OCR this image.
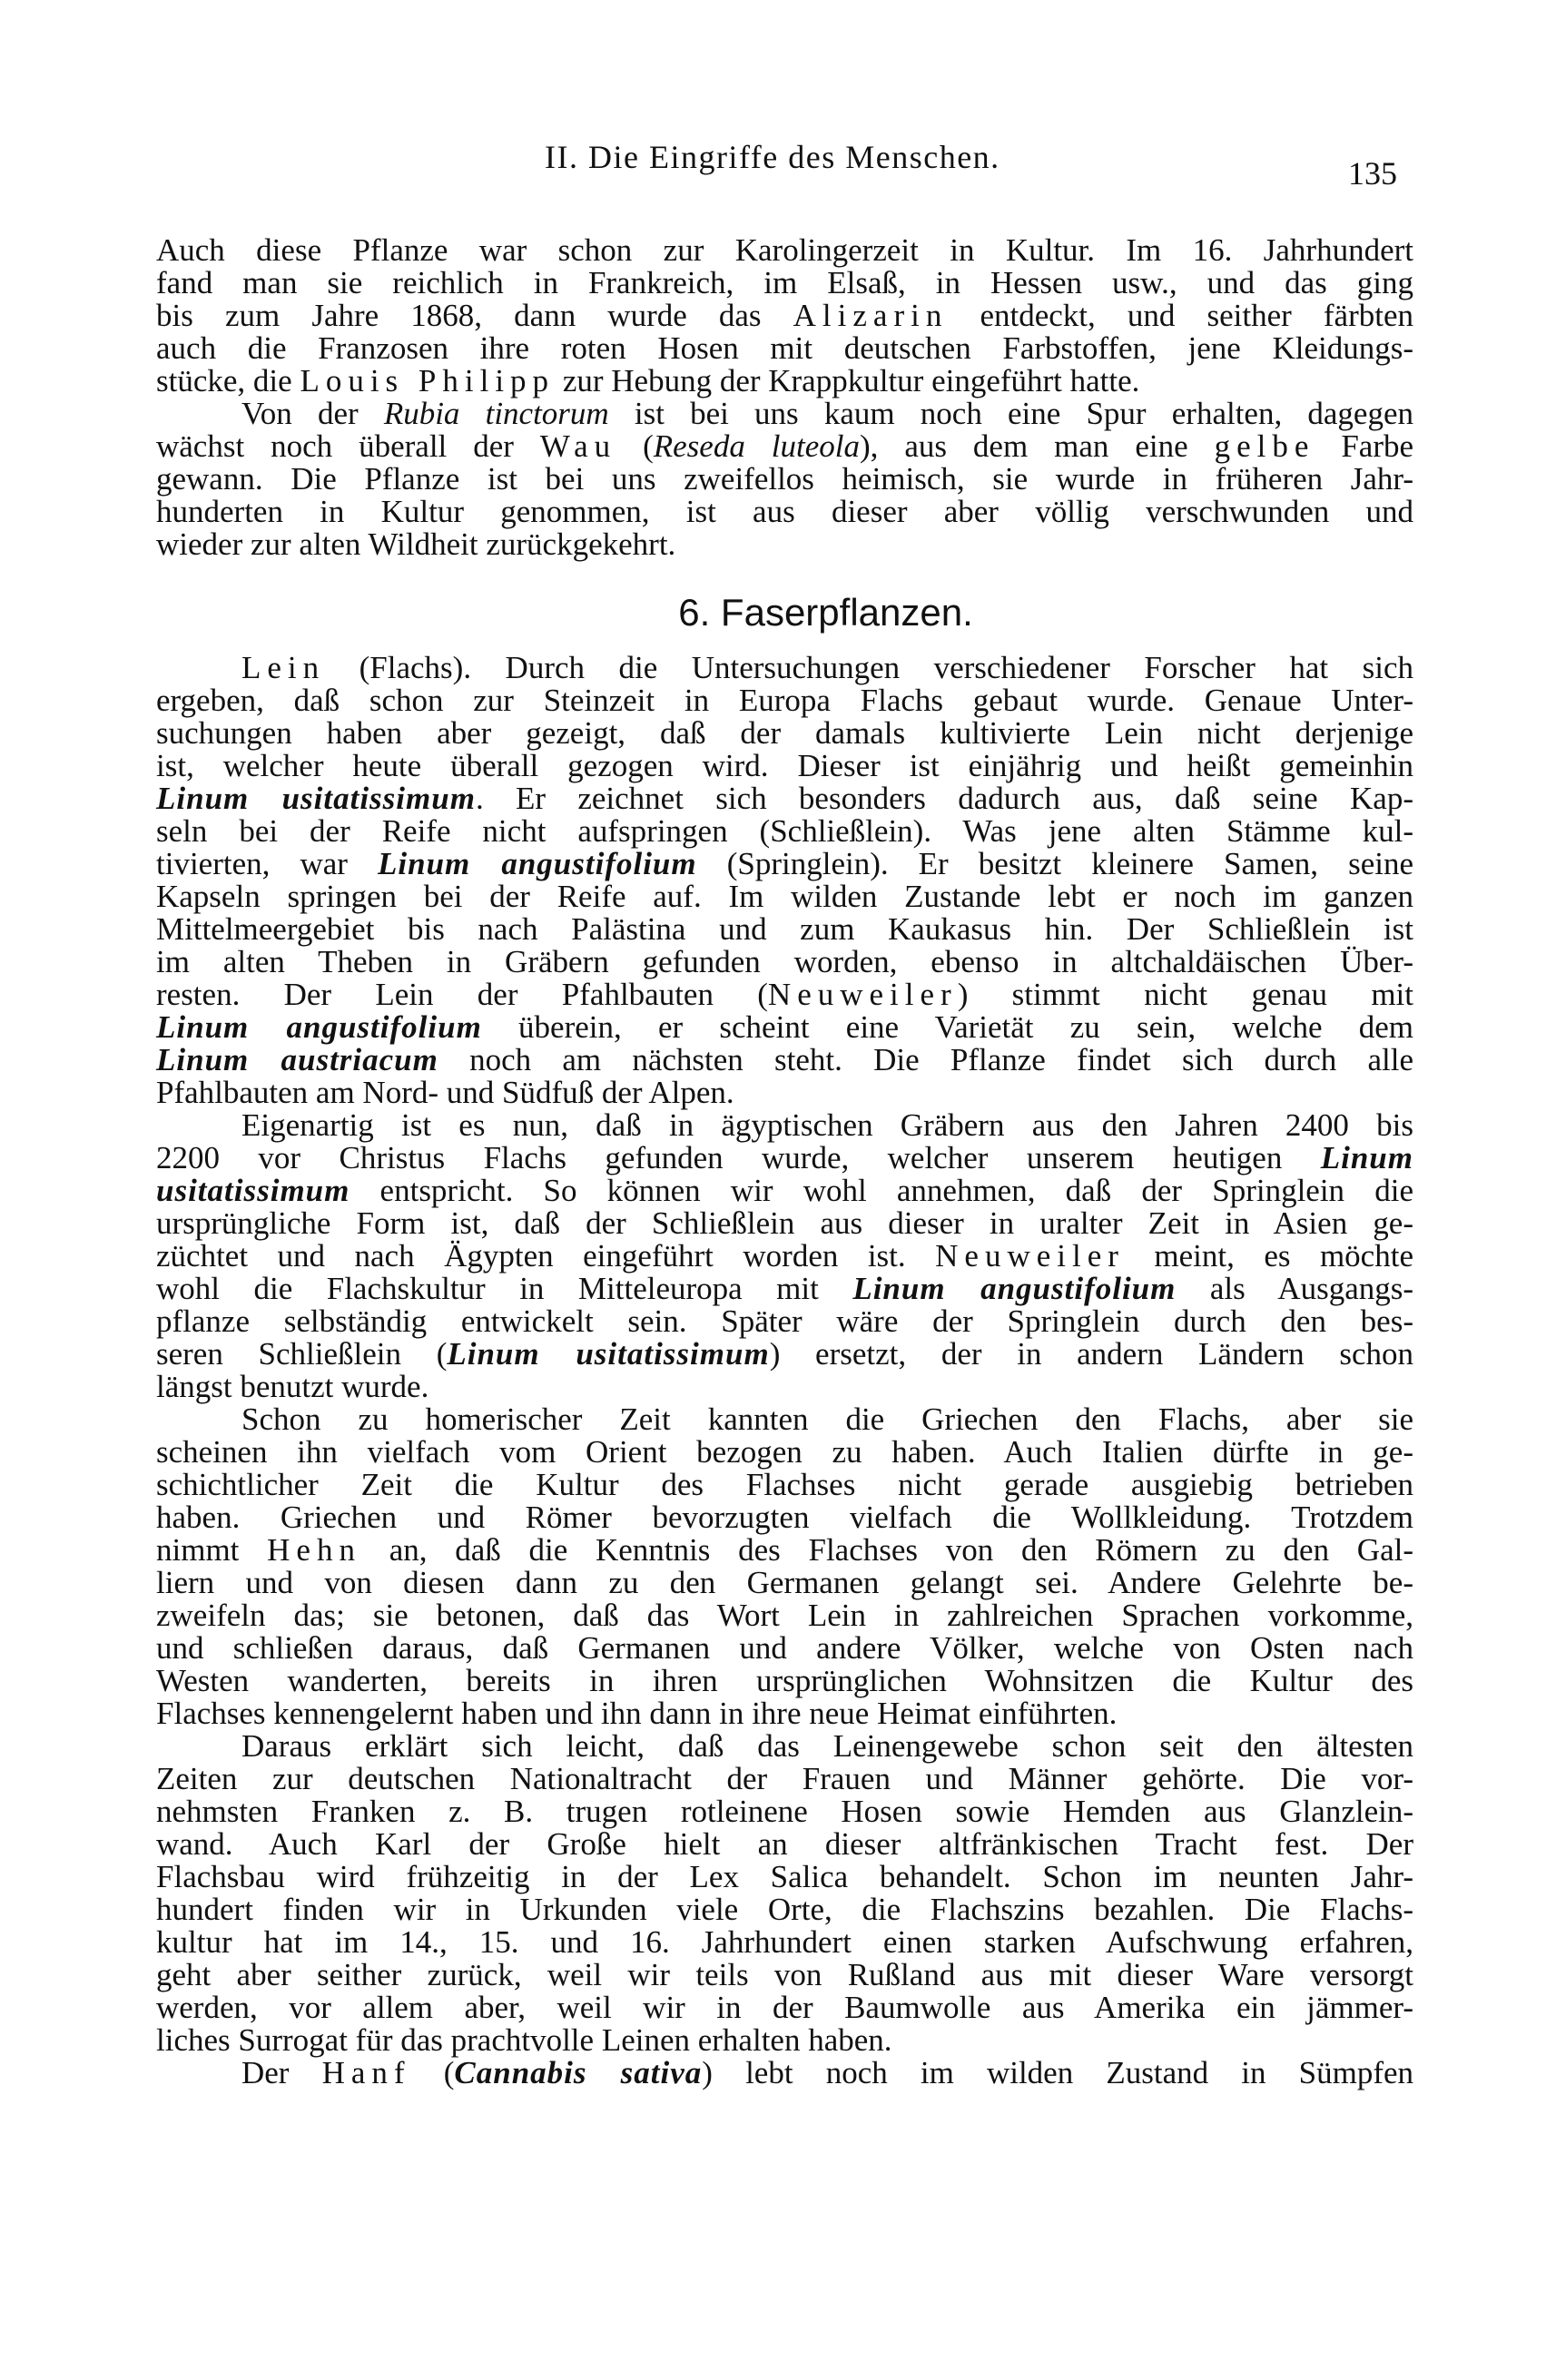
II. Die Eingriffe des Menschen.	135
Auch diese Pflanze war schon zur Karolingerzeit in Kultur. Im 16. Jahrhundert
fand man sie reichlich in Frankreich, im Elsaß, in Hessen usw., und das ging
bis zum Jahre 1868, dann wurde das Alizarin entdeckt, und seither färbten
auch die Franzosen ihre roten Hosen mit deutschen Farbstoffen, jene Kleidungs-
stücke, die Louis Philipp zur Hebung der Krappkultur eingeführt hatte.
Von der Rubia tinctorum ist bei uns kaum noch eine Spur erhalten, dagegen
wächst noch überall der Wau (Reseda luteola), aus dem man eine gelbe Farbe
gewann. Die Pflanze ist bei uns zweifellos heimisch, sie wurde in früheren Jahr-
hunderten in Kultur genommen, ist aus dieser aber völlig verschwunden und
wieder zur alten Wildheit zurückgekehrt.
6. Faserpflanzen.
Lein (Flachs). Durch die Untersuchungen verschiedener Forscher hat sich
ergeben, daß schon zur Steinzeit in Europa Flachs gebaut wurde. Genaue Unter-
suchungen haben aber gezeigt, daß der damals kultivierte Lein nicht derjenige
ist, welcher heute überall gezogen wird. Dieser ist einjährig und heißt gemeinhin
Linum usitatissimum. Er zeichnet sich besonders dadurch aus, daß seine Kap-
seln bei der Reife nicht aufspringen (Schließlein). Was jene alten Stämme kul-
tivierten, war Linum angustifolium (Springlein). Er besitzt kleinere Samen, seine
Kapseln springen bei der Reife auf. Im wilden Zustande lebt er noch im ganzen
Mittelmeergebiet bis nach Palästina und zum Kaukasus hin. Der Schließlein ist
im alten Theben in Gräbern gefunden worden, ebenso in altchaldäischen Über-
resten. Der Lein der Pfahlbauten (Neuweiler) stimmt nicht genau mit
Linum angustifolium überein, er scheint eine Varietät zu sein, welche dem
Linum austriacum noch am nächsten steht. Die Pflanze findet sich durch alle
Pfahlbauten am Nord- und Südfuß der Alpen.
Eigenartig ist es nun, daß in ägyptischen Gräbern aus den Jahren 2400 bis
2200 vor Christus Flachs gefunden wurde, welcher unserem heutigen Linum
usitatissimum entspricht. So können wir wohl annehmen, daß der Springlein die
ursprüngliche Form ist, daß der Schließlein aus dieser in uralter Zeit in Asien ge-
züchtet und nach Ägypten eingeführt worden ist. Neuweiler meint, es möchte
wohl die Flachskultur in Mitteleuropa mit Linum angustifolium als Ausgangs-
pflanze selbständig entwickelt sein. Später wäre der Springlein durch den bes-
seren Schließlein (Linum usitatissimum) ersetzt, der in andern Ländern schon
längst benutzt wurde.
Schon zu homerischer Zeit kannten die Griechen den Flachs, aber sie
scheinen ihn vielfach vom Orient bezogen zu haben. Auch Italien dürfte in ge-
schichtlicher Zeit die Kultur des Flachses nicht gerade ausgiebig betrieben
haben. Griechen und Römer bevorzugten vielfach die Wollkleidung. Trotzdem
nimmt Hehn an, daß die Kenntnis des Flachses von den Römern zu den Gal-
liern und von diesen dann zu den Germanen gelangt sei. Andere Gelehrte be-
zweifeln das; sie betonen, daß das Wort Lein in zahlreichen Sprachen vorkomme,
und schließen daraus, daß Germanen und andere Völker, welche von Osten nach
Westen wanderten, bereits in ihren ursprünglichen Wohnsitzen die Kultur des
Flachses kennengelernt haben und ihn dann in ihre neue Heimat einführten.
Daraus erklärt sich leicht, daß das Leinengewebe schon seit den ältesten
Zeiten zur deutschen Nationaltracht der Frauen und Männer gehörte. Die vor-
nehmsten Franken z. B. trugen rotleinene Hosen sowie Hemden aus Glanzlein-
wand. Auch Karl der Große hielt an dieser altfränkischen Tracht fest. Der
Flachsbau wird frühzeitig in der Lex Salica behandelt. Schon im neunten Jahr-
hundert finden wir in Urkunden viele Orte, die Flachszins bezahlen. Die Flachs-
kultur hat im 14., 15. und 16. Jahrhundert einen starken Aufschwung erfahren,
geht aber seither zurück, weil wir teils von Rußland aus mit dieser Ware versorgt
werden, vor allem aber, weil wir in der Baumwolle aus Amerika ein jämmer-
liches Surrogat für das prachtvolle Leinen erhalten haben.
Der Hanf (Cannabis sativa) lebt noch im wilden Zustand in Sümpfen
